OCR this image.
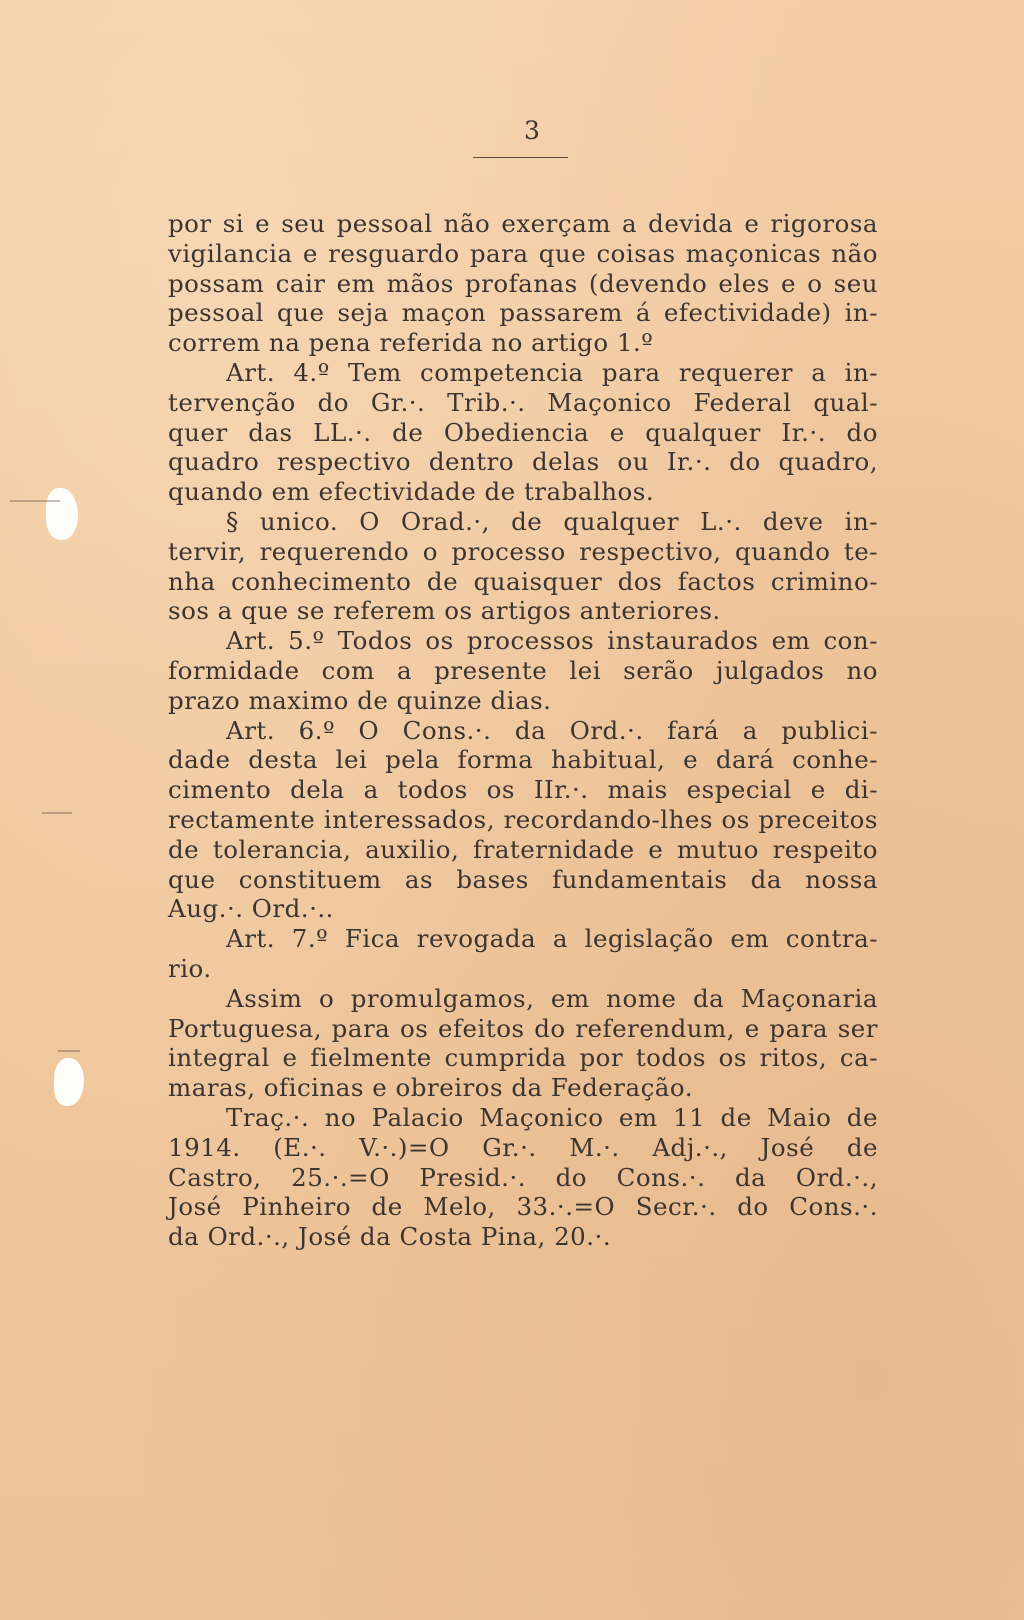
3
por si e seu pessoal não exerçam a devida e rigorosa
vigilancia e resguardo para que coisas maçonicas não
possam cair em mãos profanas (devendo eles e o seu
pessoal que seja maçon passarem á efectividade) in-
correm na pena referida no artigo 1.º
Art. 4.º Tem competencia para requerer a in-
tervenção do Gr.·. Trib.·. Maçonico Federal qual-
quer das LL.·. de Obediencia e qualquer Ir.·. do
quadro respectivo dentro delas ou Ir.·. do quadro,
quando em efectividade de trabalhos.
§ unico. O Orad.·, de qualquer L.·. deve in-
tervir, requerendo o processo respectivo, quando te-
nha conhecimento de quaisquer dos factos crimino-
sos a que se referem os artigos anteriores.
Art. 5.º Todos os processos instaurados em con-
formidade com a presente lei serão julgados no
prazo maximo de quinze dias.
Art. 6.º O Cons.·. da Ord.·. fará a publici-
dade desta lei pela forma habitual, e dará conhe-
cimento dela a todos os IIr.·. mais especial e di-
rectamente interessados, recordando-lhes os preceitos
de tolerancia, auxilio, fraternidade e mutuo respeito
que constituem as bases fundamentais da nossa
Aug.·. Ord.·..
Art. 7.º Fica revogada a legislação em contra-
rio.
Assim o promulgamos, em nome da Maçonaria
Portuguesa, para os efeitos do referendum, e para ser
integral e fielmente cumprida por todos os ritos, ca-
maras, oficinas e obreiros da Federação.
Traç.·. no Palacio Maçonico em 11 de Maio de
1914. (E.·. V.·.)=O Gr.·. M.·. Adj.·., José de
Castro, 25.·.=O Presid.·. do Cons.·. da Ord.·.,
José Pinheiro de Melo, 33.·.=O Secr.·. do Cons.·.
da Ord.·., José da Costa Pina, 20.·.
